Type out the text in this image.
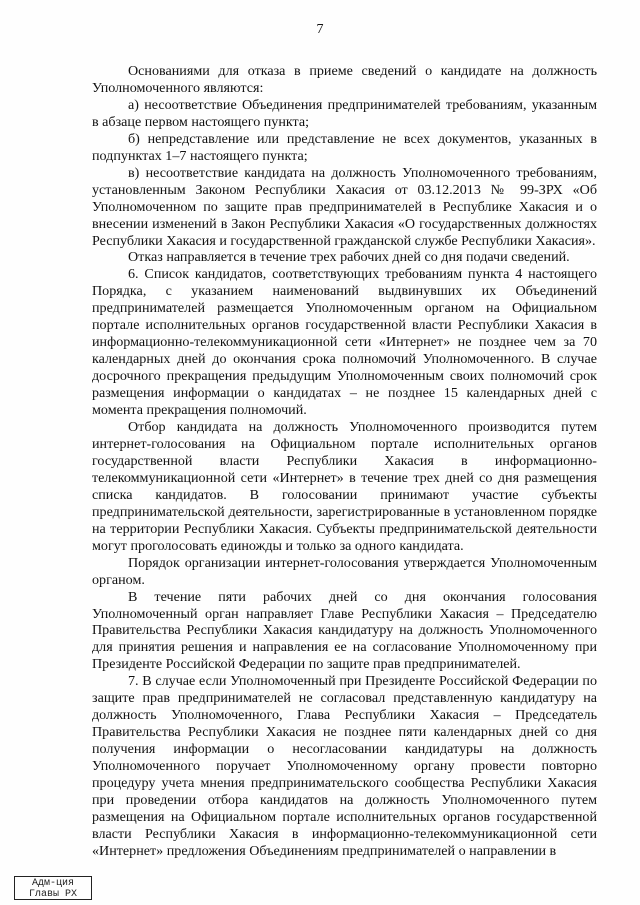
7

Основаниями для отказа в приеме сведений о кандидате на должность Уполномоченного являются:

а) несоответствие Объединения предпринимателей требованиям, указанным в абзаце первом настоящего пункта;

б) непредставление или представление не всех документов, указанных в подпунктах 1–7 настоящего пункта;

в) несоответствие кандидата на должность Уполномоченного требованиям, установленным Законом Республики Хакасия от 03.12.2013 № 99-ЗРХ «Об Уполномоченном по защите прав предпринимателей в Республике Хакасия и о внесении изменений в Закон Республики Хакасия «О государственных должностях Республики Хакасия и государственной гражданской службе Республики Хакасия».

Отказ направляется в течение трех рабочих дней со дня подачи сведений.

6. Список кандидатов, соответствующих требованиям пункта 4 настоящего Порядка, с указанием наименований выдвинувших их Объединений предпринимателей размещается Уполномоченным органом на Официальном портале исполнительных органов государственной власти Республики Хакасия в информационно-телекоммуникационной сети «Интернет» не позднее чем за 70 календарных дней до окончания срока полномочий Уполномоченного. В случае досрочного прекращения предыдущим Уполномоченным своих полномочий срок размещения информации о кандидатах – не позднее 15 календарных дней с момента прекращения полномочий.

Отбор кандидата на должность Уполномоченного производится путем интернет-голосования на Официальном портале исполнительных органов государственной власти Республики Хакасия в информационно-телекоммуникационной сети «Интернет» в течение трех дней со дня размещения списка кандидатов. В голосовании принимают участие субъекты предпринимательской деятельности, зарегистрированные в установленном порядке на территории Республики Хакасия. Субъекты предпринимательской деятельности могут проголосовать единожды и только за одного кандидата.

Порядок организации интернет-голосования утверждается Уполномоченным органом.

В течение пяти рабочих дней со дня окончания голосования Уполномоченный орган направляет Главе Республики Хакасия – Председателю Правительства Республики Хакасия кандидатуру на должность Уполномоченного для принятия решения и направления ее на согласование Уполномоченному при Президенте Российской Федерации по защите прав предпринимателей.

7. В случае если Уполномоченный при Президенте Российской Федерации по защите прав предпринимателей не согласовал представленную кандидатуру на должность Уполномоченного, Глава Республики Хакасия – Председатель Правительства Республики Хакасия не позднее пяти календарных дней со дня получения информации о несогласовании кандидатуры на должность Уполномоченного поручает Уполномоченному органу провести повторно процедуру учета мнения предпринимательского сообщества Республики Хакасия при проведении отбора кандидатов на должность Уполномоченного путем размещения на Официальном портале исполнительных органов государственной власти Республики Хакасия в информационно-телекоммуникационной сети «Интернет» предложения Объединениям предпринимателей о направлении в

Адм-ция
Главы РХ
